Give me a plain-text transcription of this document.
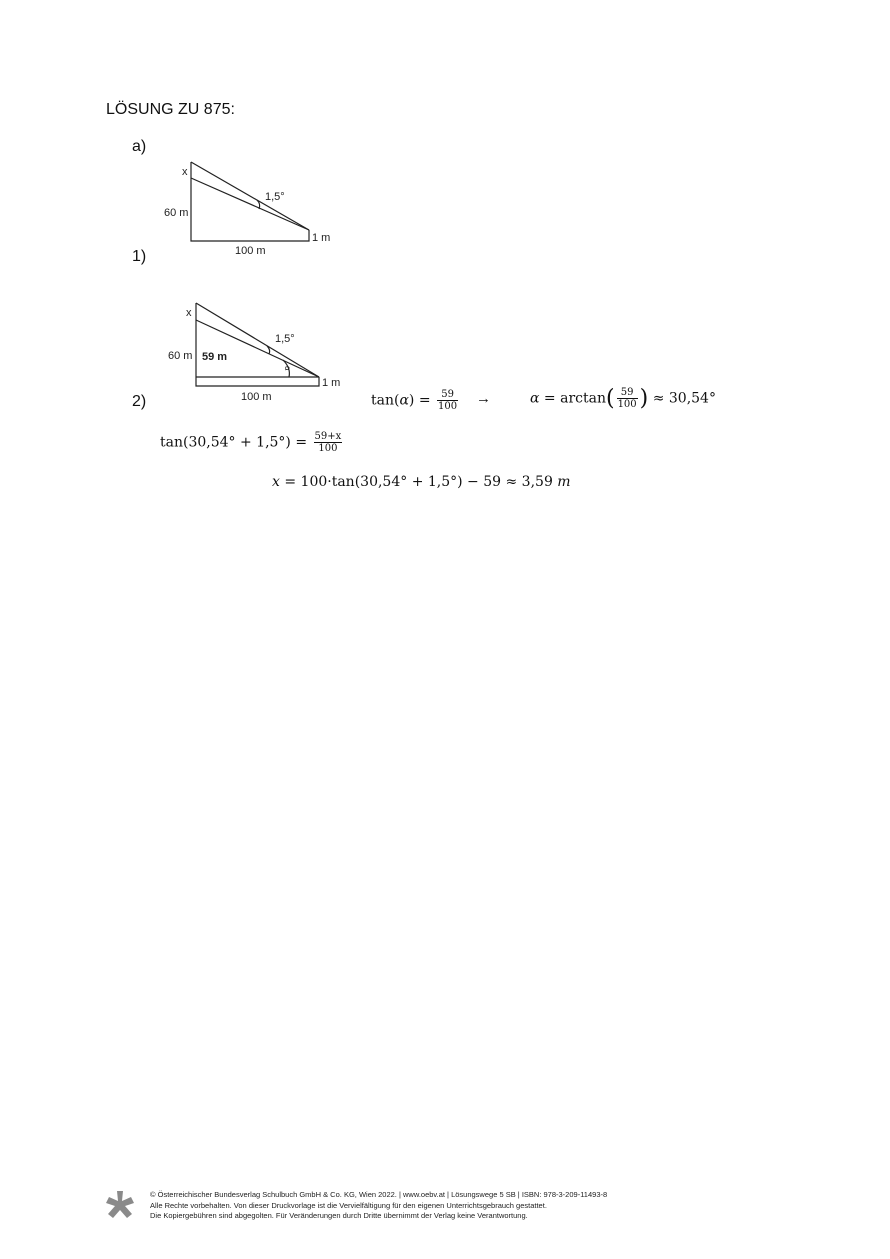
LÖSUNG ZU 875:
a)
x
60 m
1,5°
1 m
100 m
1)
x
60 m 59 m
1,5°
α
1 m
100 m
2)	$\tan(\alpha) = \frac{59}{100}$ →	$\alpha = \arctan( \frac{59}{100}$ ) ≈ 30,54°
$\tan(30,54^\circ + 1,5^\circ) = \frac{59+x}{100}$
x = 100·tan(30,54° + 1,5°) − 59 ≈ 3,59 m
© Österreichischer Bundesverlag Schulbuch GmbH & Co. KG, Wien 2022. | www.oebv.at | Lösungswege 5 SB | ISBN: 978-3-209-11493-8
Alle Rechte vorbehalten. Von dieser Druckvorlage ist die Vervielfältigung für den eigenen Unterrichtsgebrauch gestattet.
Die Kopiergebühren sind abgegolten. Für Veränderungen durch Dritte übernimmt der Verlag keine Verantwortung.
